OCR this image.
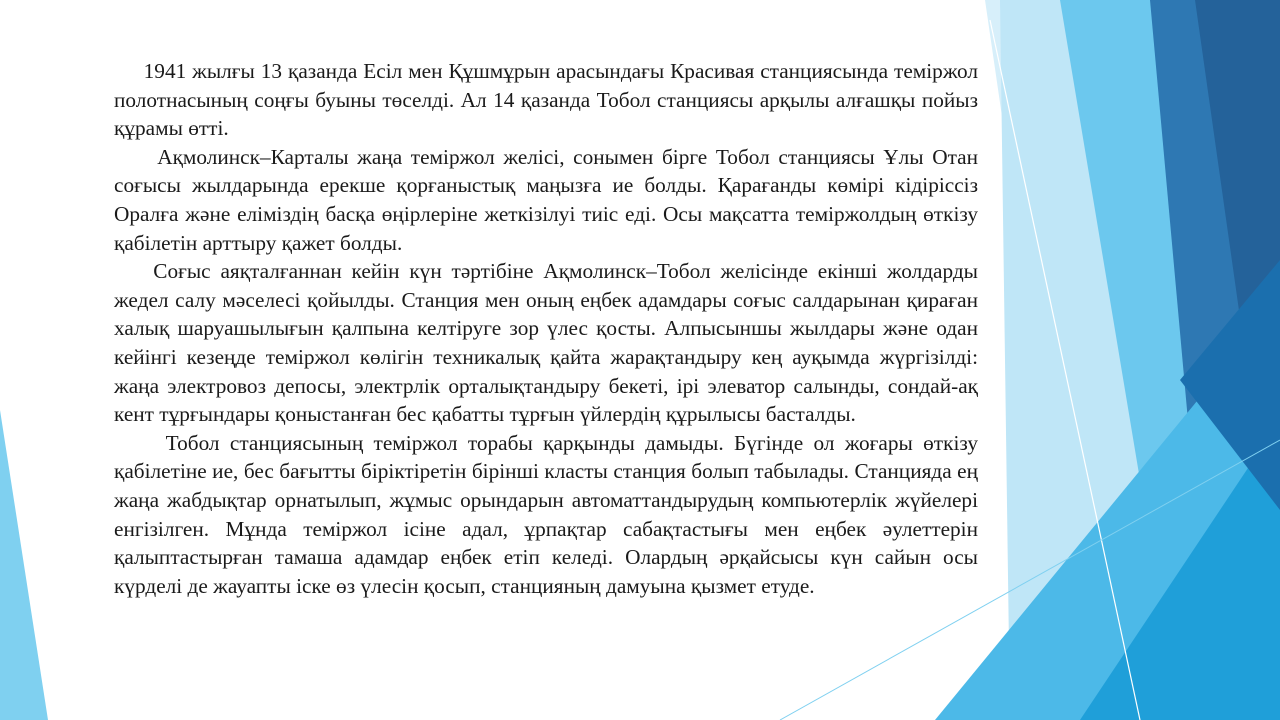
1941 жылғы 13 қазанда Есіл мен Құшмұрын арасындағы Красивая станциясында теміржол полотнасының соңғы буыны төселді. Ал 14 қазанда Тобол станциясы арқылы алғашқы пойыз құрамы өтті.
Ақмолинск–Карталы жаңа теміржол желісі, сонымен бірге Тобол станциясы Ұлы Отан соғысы жылдарында ерекше қорғаныстық маңызға ие болды. Қарағанды көмірі кідіріссіз Оралға және еліміздің басқа өңірлеріне жеткізілуі тиіс еді. Осы мақсатта теміржолдың өткізу қабілетін арттыру қажет болды.
Соғыс аяқталғаннан кейін күн тәртібіне Ақмолинск–Тобол желісінде екінші жолдарды жедел салу мәселесі қойылды. Станция мен оның еңбек адамдары соғыс салдарынан қираған халық шаруашылығын қалпына келтіруге зор үлес қосты. Алпысыншы жылдары және одан кейінгі кезеңде теміржол көлігін техникалық қайта жарақтандыру кең ауқымда жүргізілді: жаңа электровоз депосы, электрлік орталықтандыру бекеті, ірі элеватор салынды, сондай-ақ кент тұрғындары қоныстанған бес қабатты тұрғын үйлердің құрылысы басталды.
Тобол станциясының теміржол торабы қарқынды дамыды. Бүгінде ол жоғары өткізу қабілетіне ие, бес бағытты біріктіретін бірінші класты станция болып табылады. Станцияда ең жаңа жабдықтар орнатылып, жұмыс орындарын автоматтандырудың компьютерлік жүйелері енгізілген. Мұнда теміржол ісіне адал, ұрпақтар сабақтастығы мен еңбек әулеттерін қалыптастырған тамаша адамдар еңбек етіп келеді. Олардың әрқайсысы күн сайын осы күрделі де жауапты іске өз үлесін қосып, станцияның дамуына қызмет етуде.
